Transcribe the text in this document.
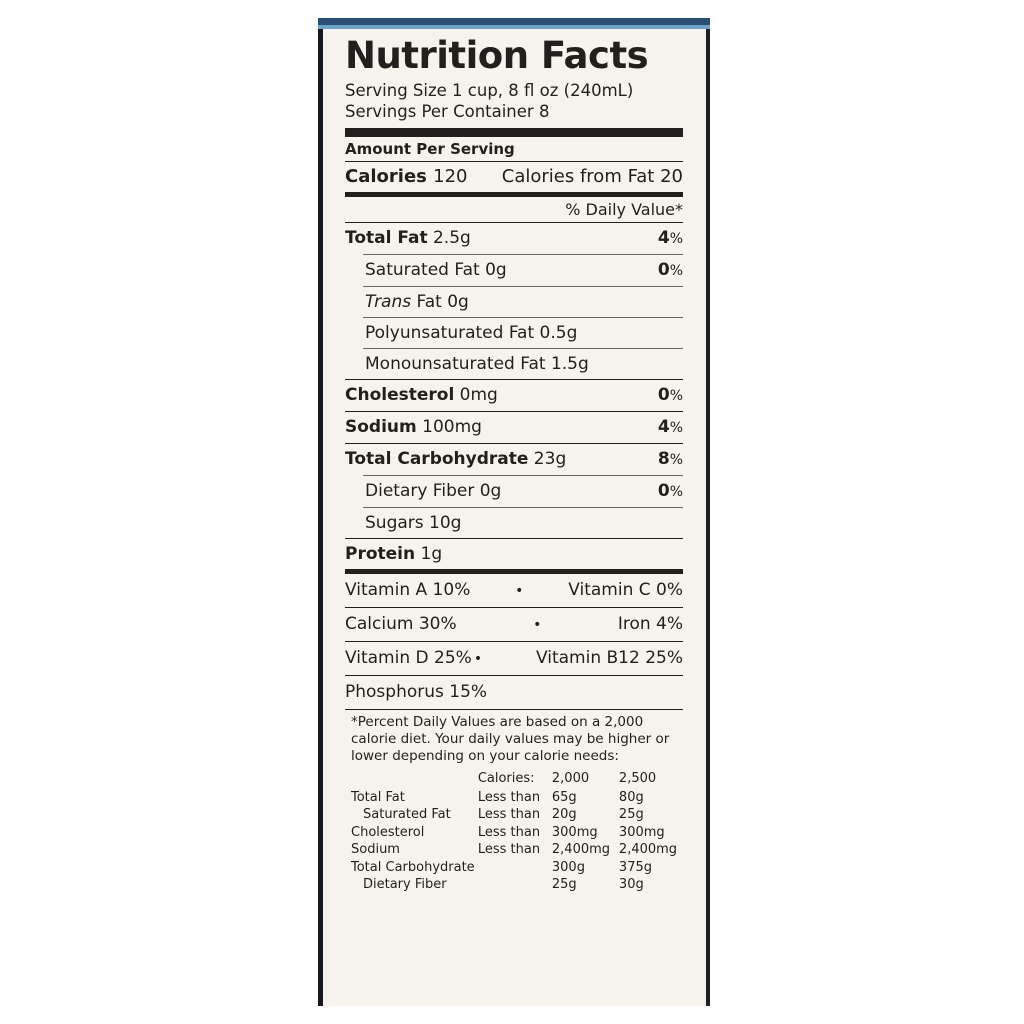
Nutrition Facts
Serving Size 1 cup, 8 fl oz (240mL)
Servings Per Container 8
Amount Per Serving
Calories 120 Calories from Fat 20
% Daily Value*
Total Fat 2.5g	4%
Saturated Fat 0g	0%
Trans Fat 0g
Polyunsaturated Fat 0.5g
Monounsaturated Fat 1.5g
Cholesterol 0mg	0%
Sodium 100mg	4%
Total Carbohydrate 23g	8%
Dietary Fiber 0g	0%
Sugars 10g
Protein 1g
Vitamin A 10%	•	Vitamin C 0%
Calcium 30%	•	Iron 4%
Vitamin D 25% •	Vitamin B12 25%
Phosphorus 15%
*Percent Daily Values are based on a 2,000 calorie diet. Your daily values may be higher or lower depending on your calorie needs:
	Calories:	2,000	2,500
Total Fat	Less than	65g	80g
Saturated Fat	Less than	20g	25g
Cholesterol	Less than	300mg	300mg
Sodium	Less than	2,400mg	2,400mg
Total Carbohydrate		300g	375g
Dietary Fiber		25g	30g
